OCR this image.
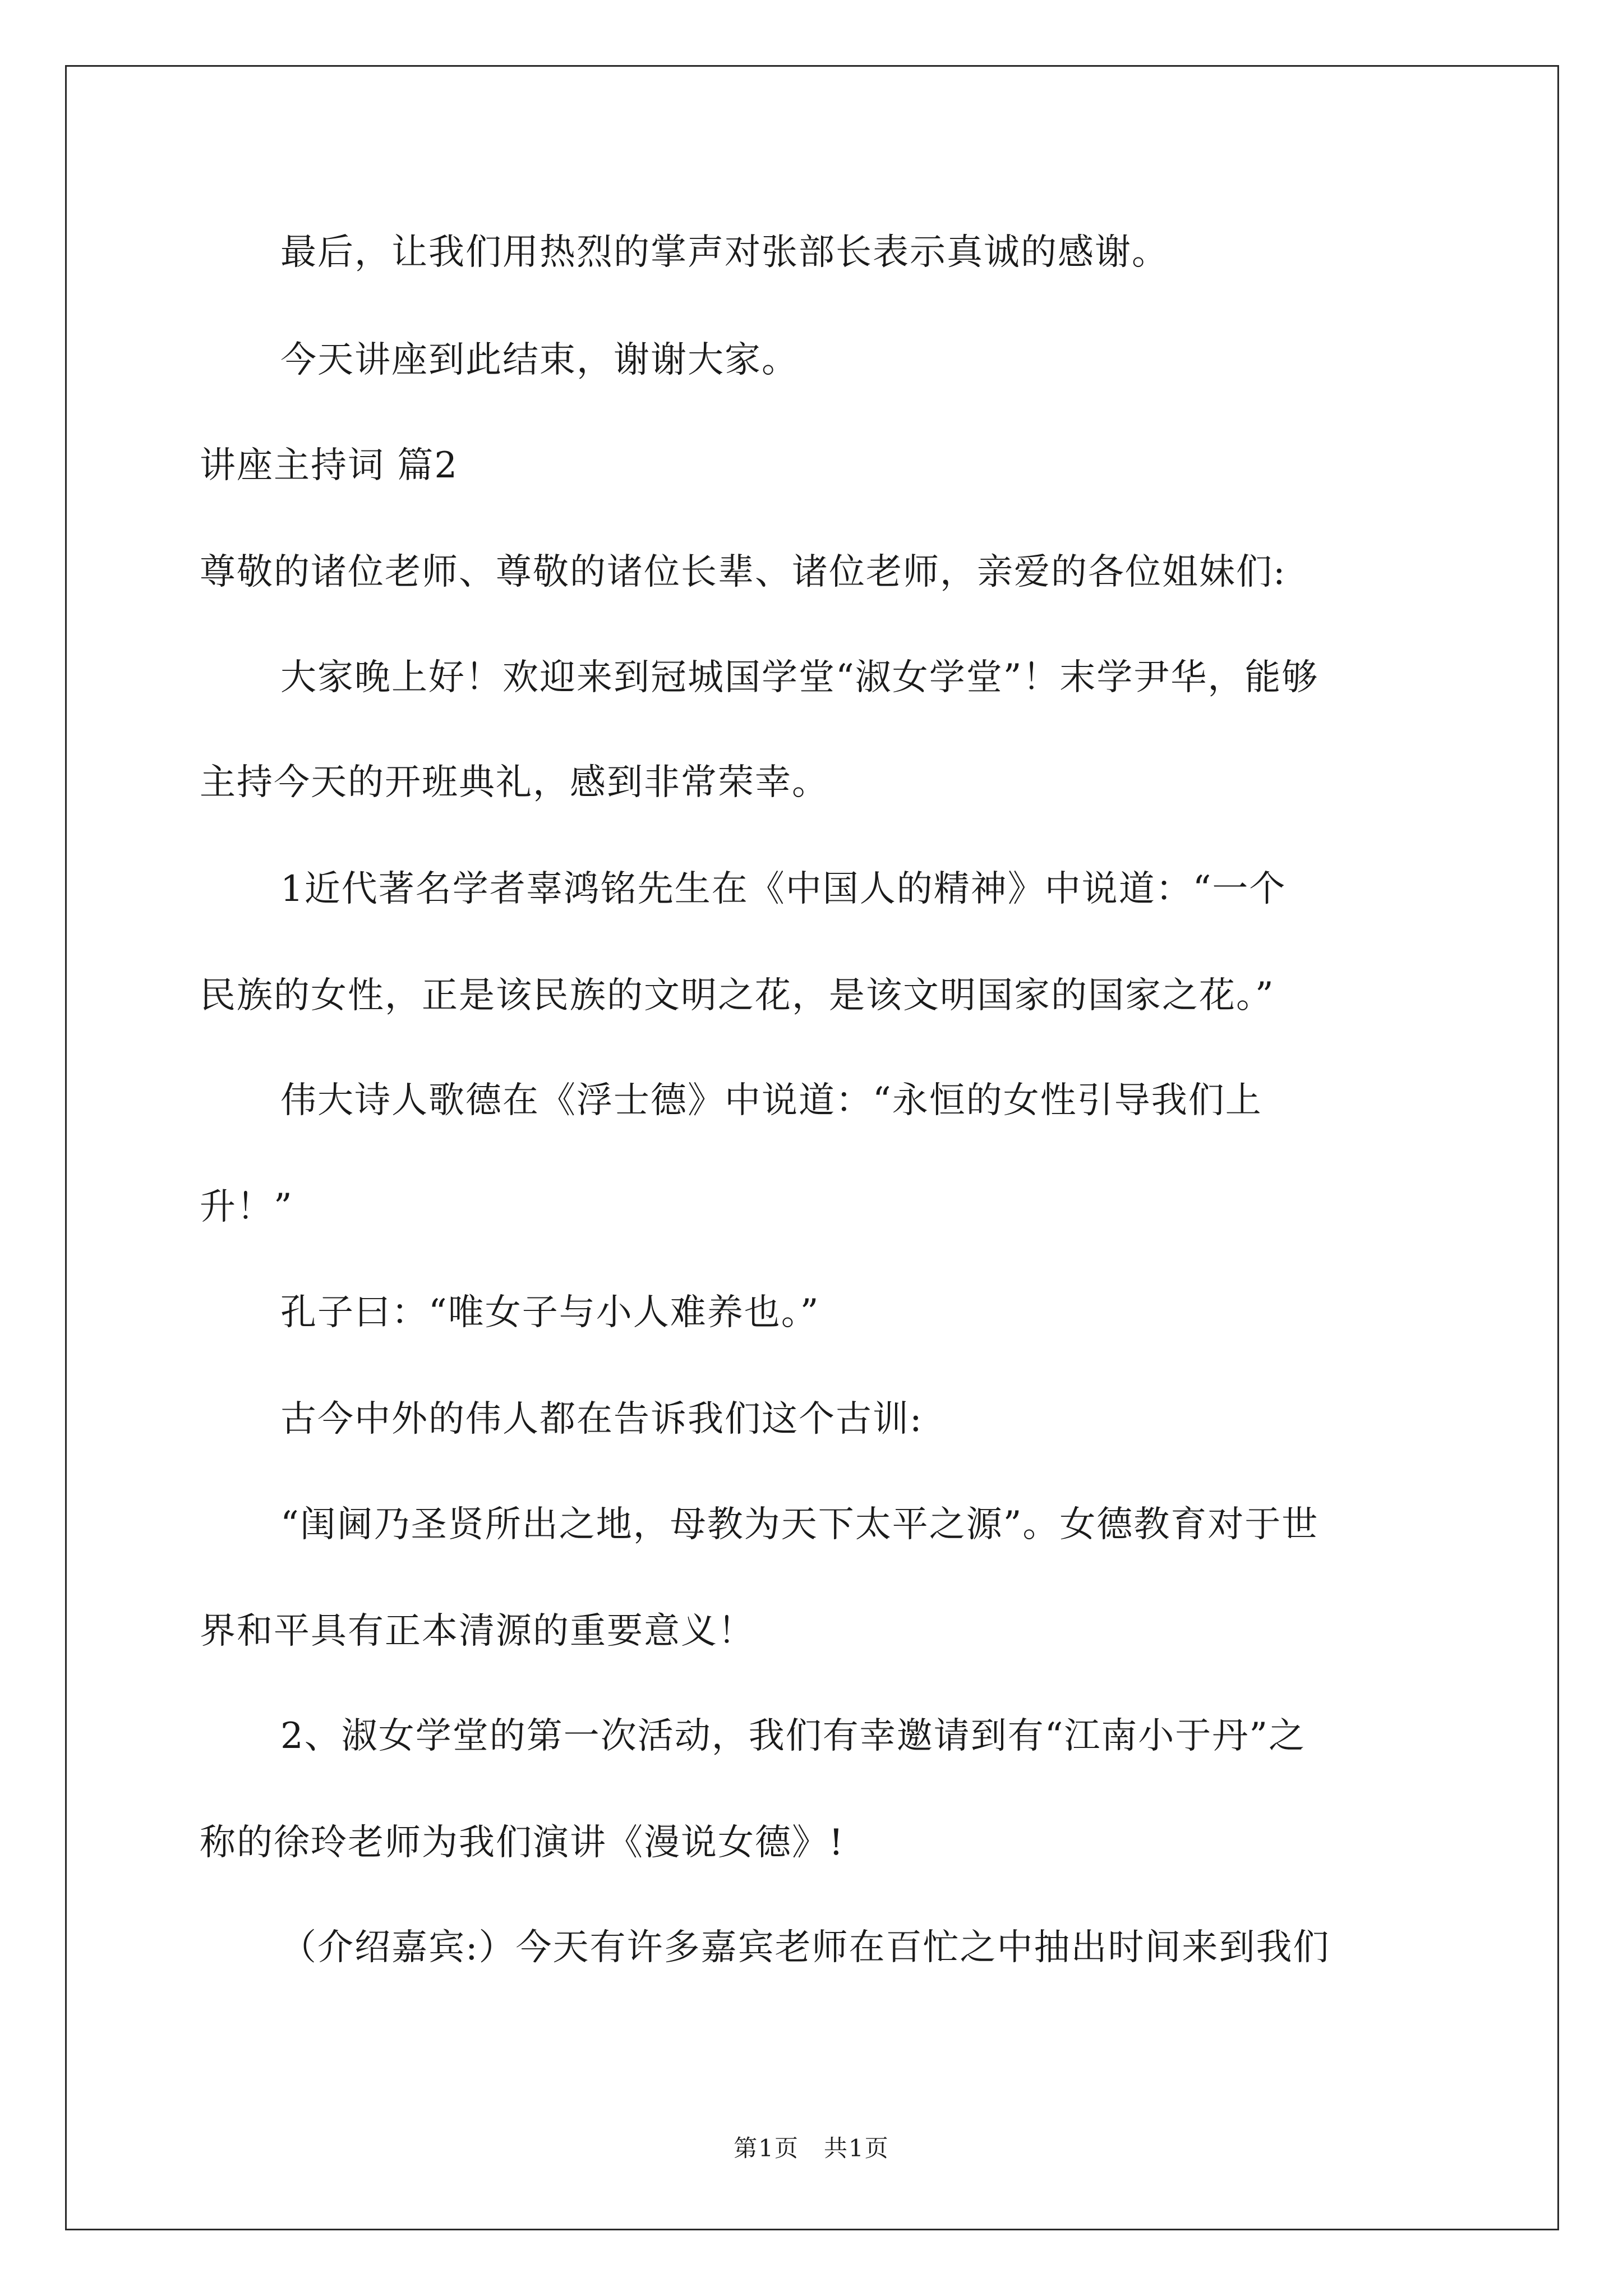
最后，让我们用热烈的掌声对张部长表示真诚的感谢。
今天讲座到此结束，谢谢大家。
讲座主持词 篇2
尊敬的诸位老师、尊敬的诸位长辈、诸位老师，亲爱的各位姐妹们:
大家晚上好！欢迎来到冠城国学堂“淑女学堂”！末学尹华，能够
主持今天的开班典礼，感到非常荣幸。
1近代著名学者辜鸿铭先生在《中国人的精神》中说道：“一个
民族的女性，正是该民族的文明之花，是该文明国家的国家之花。”
伟大诗人歌德在《浮士德》中说道：“永恒的女性引导我们上
升！”
孔子曰：“唯女子与小人难养也。”
古今中外的伟人都在告诉我们这个古训:
“闺阃乃圣贤所出之地，母教为天下太平之源”。女德教育对于世
界和平具有正本清源的重要意义！
2、淑女学堂的第一次活动，我们有幸邀请到有“江南小于丹”之
称的徐玲老师为我们演讲《漫说女德》!
（介绍嘉宾:）今天有许多嘉宾老师在百忙之中抽出时间来到我们
第1页　共1页
